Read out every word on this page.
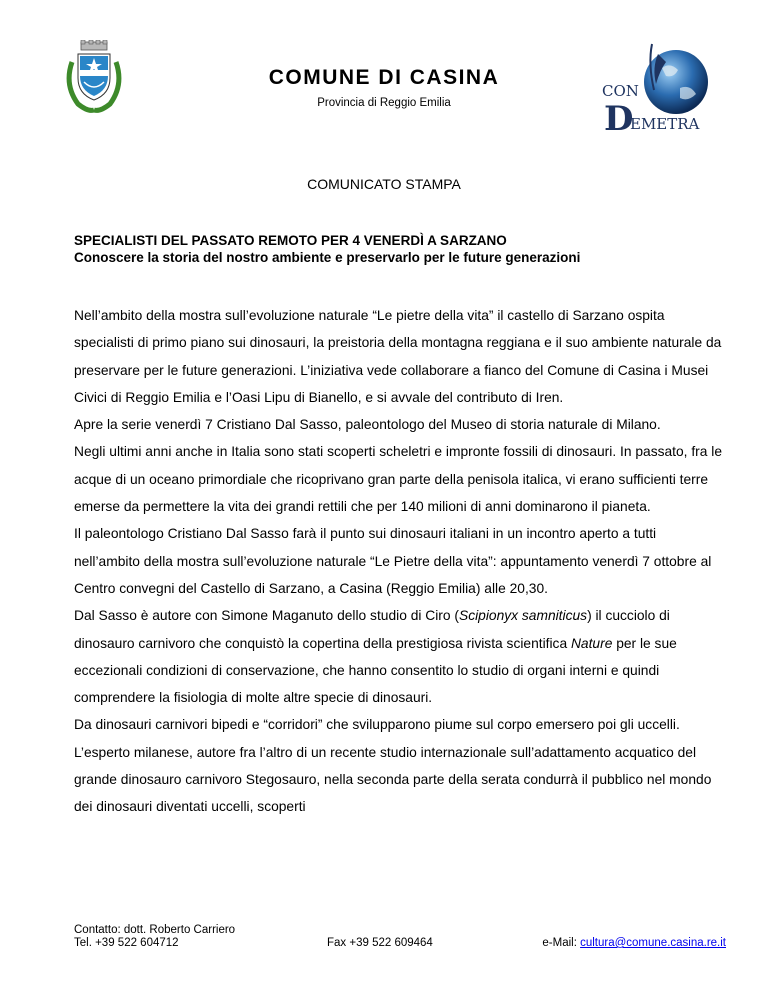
COMUNE DI CASINA
Provincia di Reggio Emilia
CON
D
EMETRA
COMUNICATO STAMPA
SPECIALISTI DEL PASSATO REMOTO PER 4 VENERDÌ A SARZANO
Conoscere la storia del nostro ambiente e preservarlo per le future generazioni

Nell’ambito della mostra sull’evoluzione naturale “Le pietre della vita” il castello di Sarzano ospita specialisti di primo piano sui dinosauri, la preistoria della montagna reggiana e il suo ambiente naturale da preservare per le future generazioni. L’iniziativa vede collaborare a fianco del Comune di Casina i Musei Civici di Reggio Emilia e l’Oasi Lipu di Bianello, e si avvale del contributo di Iren.

Apre la serie venerdì 7 Cristiano Dal Sasso, paleontologo del Museo di storia naturale di Milano.

Negli ultimi anni anche in Italia sono stati scoperti scheletri e impronte fossili di dinosauri. In passato, fra le acque di un oceano primordiale che ricoprivano gran parte della penisola italica, vi erano sufficienti terre emerse da permettere la vita dei grandi rettili che per 140 milioni di anni dominarono il pianeta.

Il paleontologo Cristiano Dal Sasso farà il punto sui dinosauri italiani in un incontro aperto a tutti nell’ambito della mostra sull’evoluzione naturale “Le Pietre della vita”: appuntamento venerdì 7 ottobre al Centro convegni del Castello di Sarzano, a Casina (Reggio Emilia) alle 20,30.

Dal Sasso è autore con Simone Maganuto dello studio di Ciro (Scipionyx samniticus) il cucciolo di dinosauro carnivoro che conquistò la copertina della prestigiosa rivista scientifica Nature per le sue eccezionali condizioni di conservazione, che hanno consentito lo studio di organi interni e quindi comprendere la fisiologia di molte altre specie di dinosauri.

Da dinosauri carnivori bipedi e “corridori” che svilupparono piume sul corpo emersero poi gli uccelli. L’esperto milanese, autore fra l’altro di un recente studio internazionale sull’adattamento acquatico del grande dinosauro carnivoro Stegosauro, nella seconda parte della serata condurrà il pubblico nel mondo dei dinosauri diventati uccelli, scoperti

Contatto: dott. Roberto Carriero
Tel. +39 522 604712	Fax +39 522 609464	e-Mail: cultura@comune.casina.re.it
